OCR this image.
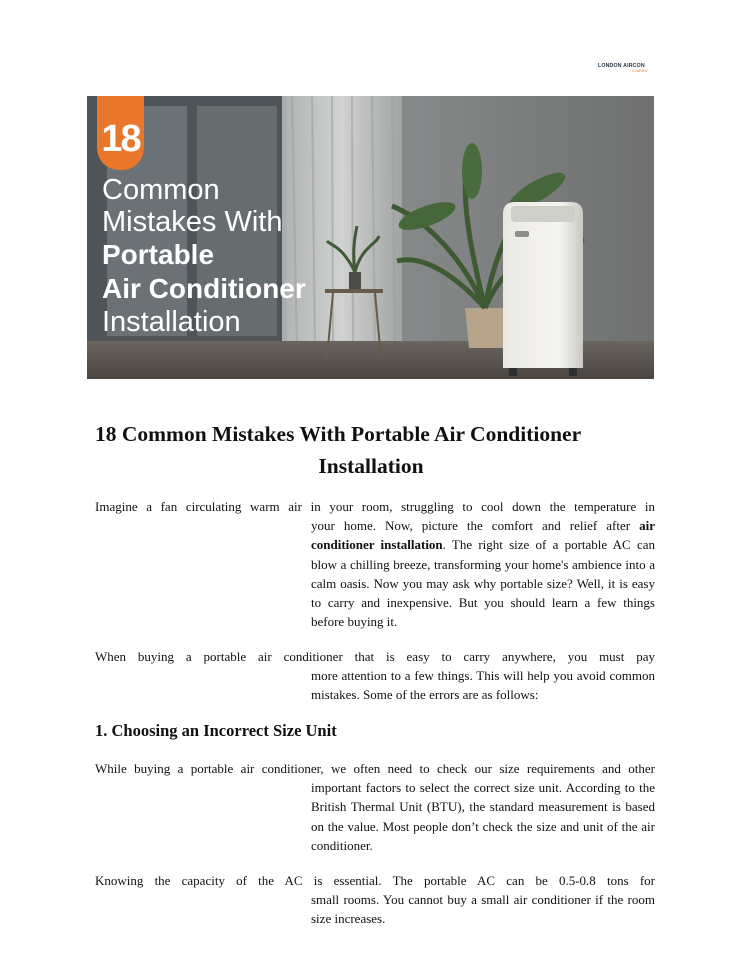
LONDON AIRCON
COMPANY
18
Common
Mistakes With
Portable
Air Conditioner
Installation
18 Common Mistakes With Portable Air Conditioner
Installation
Imagine a fan circulating warm air in your room, struggling to cool down the temperature in
your home. Now, picture the comfort and relief after air conditioner installation. The right size of a portable AC can blow a chilling breeze, transforming your home's ambience into a calm oasis. Now you may ask why portable size? Well, it is easy to carry and inexpensive. But you should learn a few things before buying it.
When buying a portable air conditioner that is easy to carry anywhere, you must pay
more attention to a few things. This will help you avoid common mistakes. Some of the errors are as follows:
1. Choosing an Incorrect Size Unit
While buying a portable air conditioner, we often need to check our size requirements and other
important factors to select the correct size unit. According to the British Thermal Unit (BTU), the standard measurement is based on the value. Most people don’t check the size and unit of the air conditioner.
Knowing the capacity of the AC is essential. The portable AC can be 0.5-0.8 tons for
small rooms. You cannot buy a small air conditioner if the room size increases.
